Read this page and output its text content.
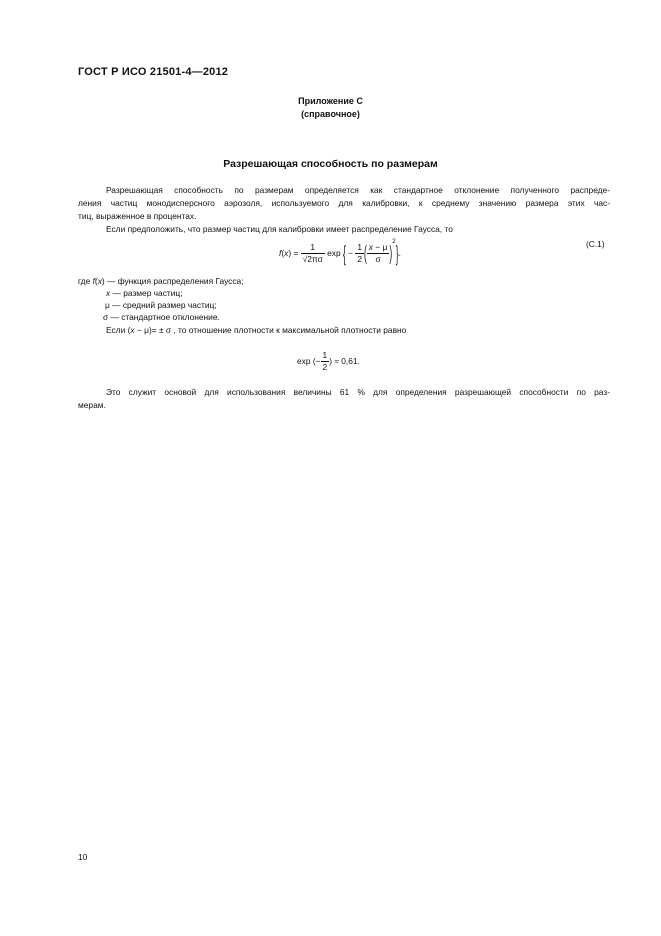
ГОСТ Р ИСО 21501-4—2012
Приложение С
(справочное)
Разрешающая способность по размерам
Разрешающая способность по размерам определяется как стандартное отклонение полученного распреде-
ления частиц монодисперсного аэрозоля, используемого для калибровки, к среднему значению размера этих час-
тиц, выраженное в процентах.
Если предположить, что размер частиц для калибровки имеет распределение Гаусса, то
f ( x ) =
$\frac{1}{√2\pi\sigma}$
exp
{
−
$\frac{1}{2}$ ( $\frac{x - \mu}{\sigma} )^2$ } .
(С.1)
где f(x) — функция распределения Гаусса;
x — размер частиц;
μ — средний размер частиц;
σ — стандартное отклонение.
Если (x − μ)= ± σ , то отношение плотности к максимальной плотности равно
exp
(− $\frac{1}{2}$ )
≈ 0,61.
Это служит основой для использования величины 61 % для определения разрешающей способности по раз-
мерам.
10
